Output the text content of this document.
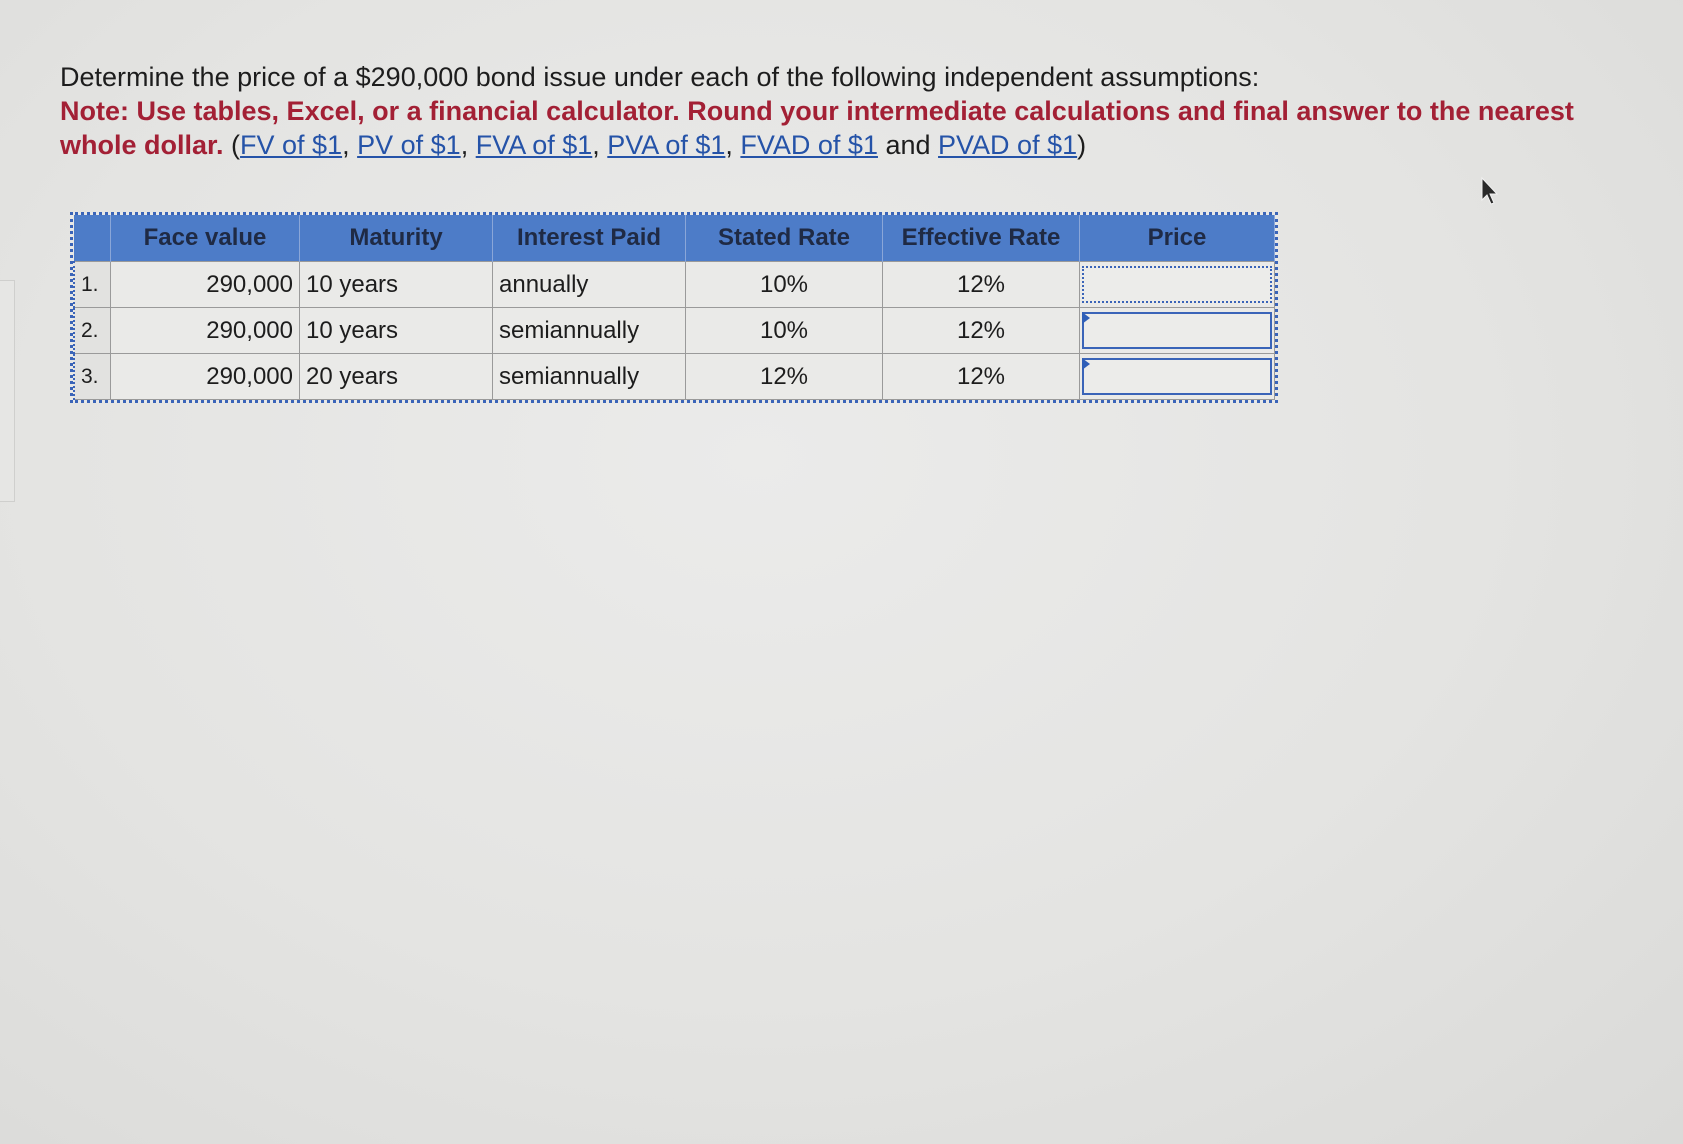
Determine the price of a $290,000 bond issue under each of the following independent assumptions:
Note: Use tables, Excel, or a financial calculator. Round your intermediate calculations and final answer to the nearest whole dollar. (FV of $1, PV of $1, FVA of $1, PVA of $1, FVAD of $1 and PVAD of $1)
	Face value	Maturity	Interest Paid	Stated Rate	Effective Rate	Price
1.	290,000	10 years	annually	10%	12%	

2.	290,000	10 years	semiannually	10%	12%	

3.	290,000	20 years	semiannually	12%	12%	
